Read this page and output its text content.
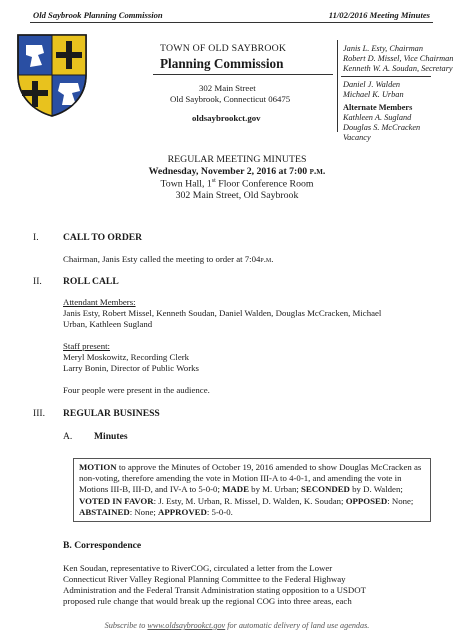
Old Saybrook Planning Commission	11/02/2016 Meeting Minutes
TOWN OF OLD SAYBROOK
Planning Commission
302 Main Street
Old Saybrook, Connecticut 06475
oldsaybrookct.gov
Janis L. Esty, Chairman
Robert D. Missel, Vice Chairman
Kenneth W. A. Soudan, Secretary
Daniel J. Walden
Michael K. Urban
Alternate Members
Kathleen A. Sugland
Douglas S. McCracken
Vacancy
REGULAR MEETING MINUTES
Wednesday, November 2, 2016 at 7:00 p.m.
Town Hall, 1st Floor Conference Room
302 Main Street, Old Saybrook
I.	CALL TO ORDER
Chairman, Janis Esty called the meeting to order at 7:04p.m.
II. ROLL CALL
Attendant Members:
Janis Esty, Robert Missel, Kenneth Soudan, Daniel Walden, Douglas McCracken, Michael
Urban, Kathleen Sugland
Staff present:
Meryl Moskowitz, Recording Clerk
Larry Bonin, Director of Public Works
Four people were present in the audience.
III. REGULAR BUSINESS
A. Minutes
MOTION to approve the Minutes of October 19, 2016 amended to show Douglas McCracken as non-voting, therefore amending the vote in Motion III-A to 4-0-1, and amending the vote in Motions III-B, III-D, and IV-A to 5-0-0; MADE by M. Urban; SECONDED by D. Walden; VOTED IN FAVOR: J. Esty, M. Urban, R. Missel, D. Walden, K. Soudan; OPPOSED: None; ABSTAINED: None; APPROVED: 5-0-0.
B. Correspondence
Ken Soudan, representative to RiverCOG, circulated a letter from the Lower
Connecticut River Valley Regional Planning Committee to the Federal Highway
Administration and the Federal Transit Administration stating opposition to a USDOT
proposed rule change that would break up the regional COG into three areas, each
Subscribe to www.oldsaybrookct.gov for automatic delivery of land use agendas.
